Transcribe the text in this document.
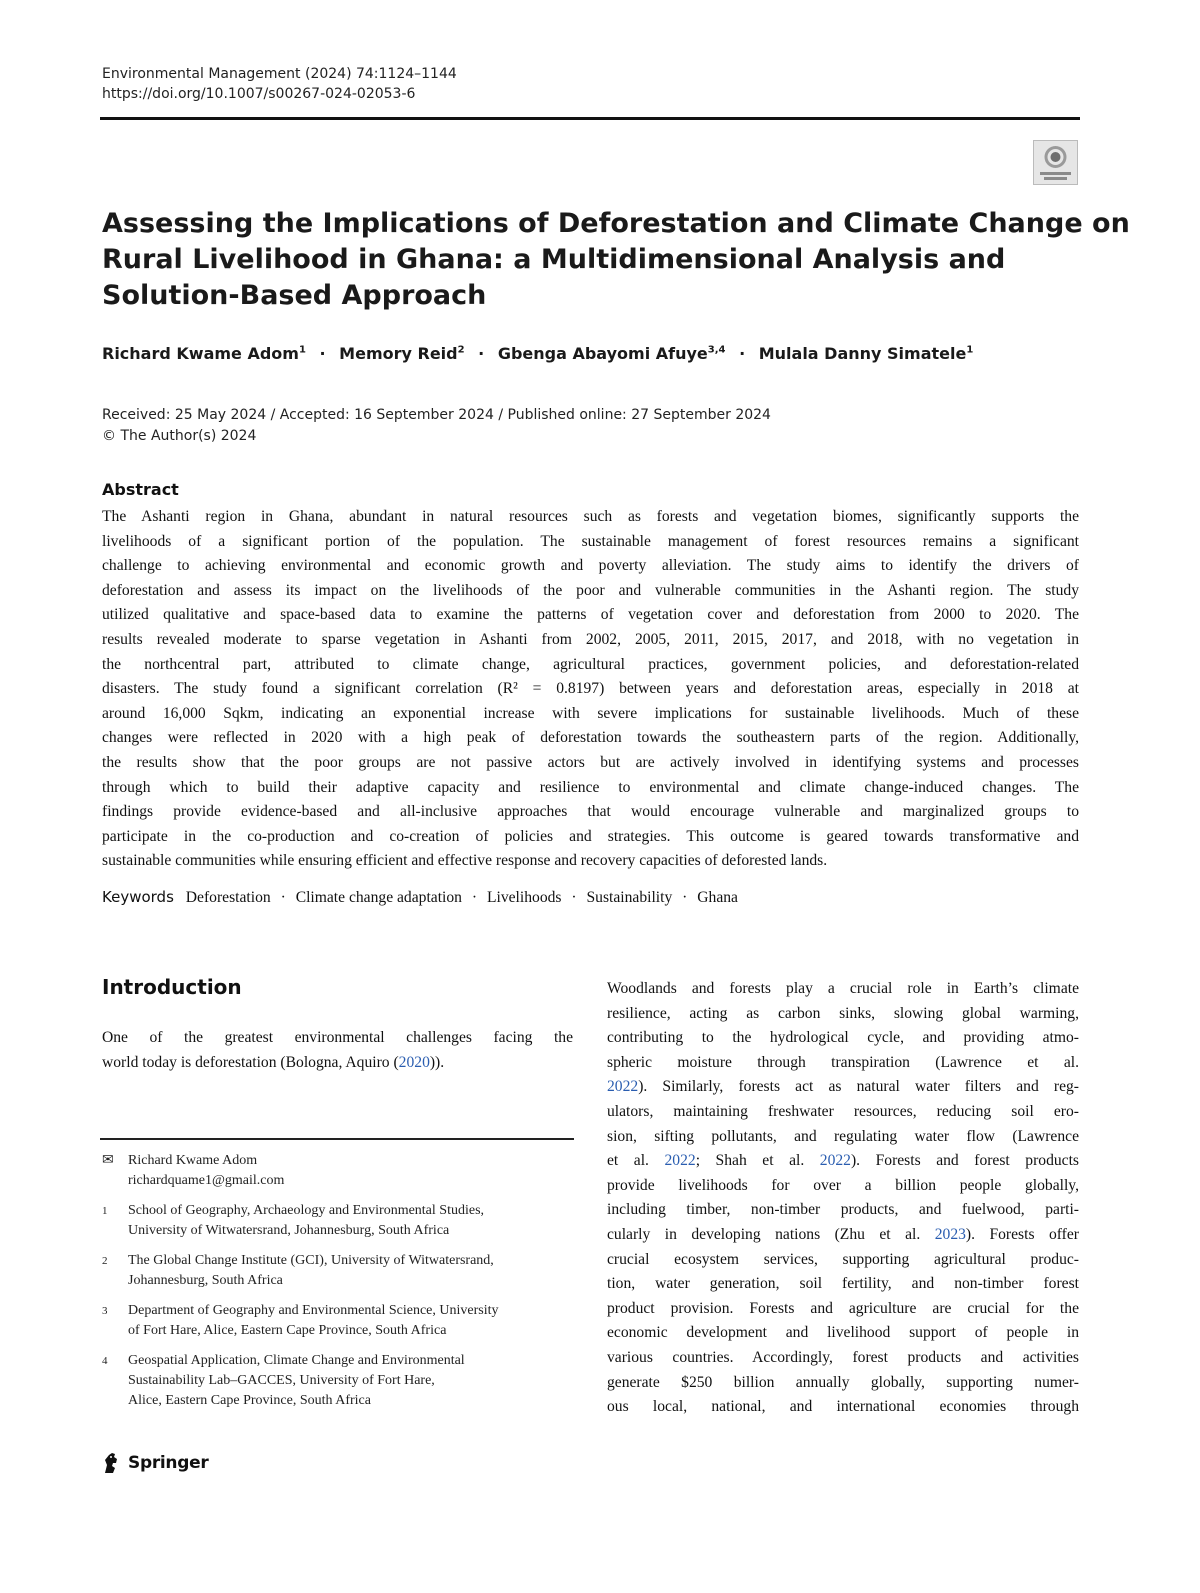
Environmental Management (2024) 74:1124–1144
https://doi.org/10.1007/s00267-024-02053-6
Assessing the Implications of Deforestation and Climate Change on
Rural Livelihood in Ghana: a Multidimensional Analysis and
Solution-Based Approach
Richard Kwame Adom$^1$ · Memory Reid$^2$ · Gbenga Abayomi Afuye$^{3,4}$ · Mulala Danny Simatele$^1$
Received: 25 May 2024 / Accepted: 16 September 2024 / Published online: 27 September 2024
© The Author(s) 2024
Abstract
The Ashanti region in Ghana, abundant in natural resources such as forests and vegetation biomes, significantly supports the
livelihoods of a significant portion of the population. The sustainable management of forest resources remains a significant
challenge to achieving environmental and economic growth and poverty alleviation. The study aims to identify the drivers of
deforestation and assess its impact on the livelihoods of the poor and vulnerable communities in the Ashanti region. The study
utilized qualitative and space-based data to examine the patterns of vegetation cover and deforestation from 2000 to 2020. The
results revealed moderate to sparse vegetation in Ashanti from 2002, 2005, 2011, 2015, 2017, and 2018, with no vegetation in
the northcentral part, attributed to climate change, agricultural practices, government policies, and deforestation-related
disasters. The study found a significant correlation (R² = 0.8197) between years and deforestation areas, especially in 2018 at
around 16,000 Sqkm, indicating an exponential increase with severe implications for sustainable livelihoods. Much of these
changes were reflected in 2020 with a high peak of deforestation towards the southeastern parts of the region. Additionally,
the results show that the poor groups are not passive actors but are actively involved in identifying systems and processes
through which to build their adaptive capacity and resilience to environmental and climate change-induced changes. The
findings provide evidence-based and all-inclusive approaches that would encourage vulnerable and marginalized groups to
participate in the co-production and co-creation of policies and strategies. This outcome is geared towards transformative and
sustainable communities while ensuring efficient and effective response and recovery capacities of deforested lands.
Keywords Deforestation · Climate change adaptation · Livelihoods · Sustainability · Ghana
Introduction
One of the greatest environmental challenges facing the
world today is deforestation (Bologna, Aquiro (2020)).
✉	Richard Kwame Adom
richardquame1@gmail.com
1	School of Geography, Archaeology and Environmental Studies,
University of Witwatersrand, Johannesburg, South Africa
2	The Global Change Institute (GCI), University of Witwatersrand,
Johannesburg, South Africa
3	Department of Geography and Environmental Science, University
of Fort Hare, Alice, Eastern Cape Province, South Africa
4	Geospatial Application, Climate Change and Environmental
Sustainability Lab–GACCES, University of Fort Hare,
Alice, Eastern Cape Province, South Africa
Woodlands and forests play a crucial role in Earth’s climate
resilience, acting as carbon sinks, slowing global warming,
contributing to the hydrological cycle, and providing atmo-
spheric moisture through transpiration (Lawrence et al.
2022). Similarly, forests act as natural water filters and reg-
ulators, maintaining freshwater resources, reducing soil ero-
sion, sifting pollutants, and regulating water flow (Lawrence
et al. 2022; Shah et al. 2022). Forests and forest products
provide livelihoods for over a billion people globally,
including timber, non-timber products, and fuelwood, parti-
cularly in developing nations (Zhu et al. 2023). Forests offer
crucial ecosystem services, supporting agricultural produc-
tion, water generation, soil fertility, and non-timber forest
product provision. Forests and agriculture are crucial for the
economic development and livelihood support of people in
various countries. Accordingly, forest products and activities
generate $250 billion annually globally, supporting numer-
ous local, national, and international economies through
Springer
